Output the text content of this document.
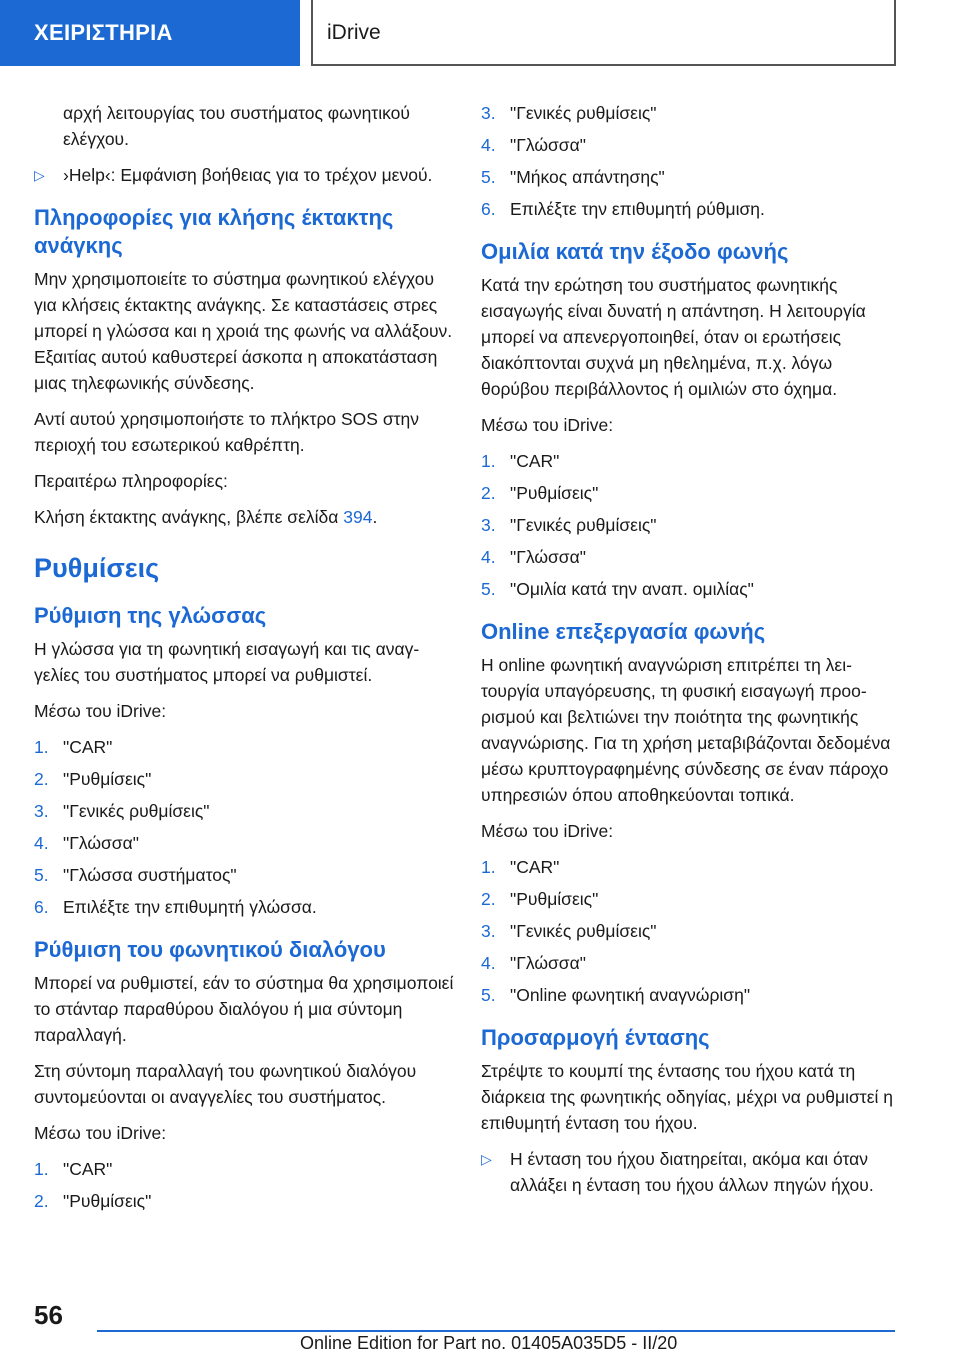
ΧΕΙΡΙΣΤΗΡΙΑ	iDrive

αρχή λειτουργίας του συστήματος φωνητικού ελέγχου.

▷ ›Help‹: Εμφάνιση βοήθειας για το τρέχον μενού.
Πληροφορίες για κλήσης έκτακτης ανάγκης

Μην χρησιμοποιείτε το σύστημα φωνητικού ελέγχου για κλήσεις έκτακτης ανάγκης. Σε καταστάσεις στρες μπορεί η γλώσσα και η χροιά της φωνής να αλλάξουν. Εξαιτίας αυτού καθυστερεί άσκοπα η αποκατάσταση μιας τηλεφωνικής σύνδεσης.

Αντί αυτού χρησιμοποιήστε το πλήκτρο SOS στην περιοχή του εσωτερικού καθρέπτη.

Περαιτέρω πληροφορίες:

Κλήση έκτακτης ανάγκης, βλέπε σελίδα 394.

Ρυθμίσεις
Ρύθμιση της γλώσσας

Η γλώσσα για τη φωνητική εισαγωγή και τις αναγγελίες του συστήματος μπορεί να ρυθμιστεί.

Μέσω του iDrive:

1. "CAR"
2. "Ρυθμίσεις"
3. "Γενικές ρυθμίσεις"
4. "Γλώσσα"
5. "Γλώσσα συστήματος"
6. Επιλέξτε την επιθυμητή γλώσσα.
Ρύθμιση του φωνητικού διαλόγου

Μπορεί να ρυθμιστεί, εάν το σύστημα θα χρησιμοποιεί το στάνταρ παραθύρου διαλόγου ή μια σύντομη παραλλαγή.

Στη σύντομη παραλλαγή του φωνητικού διαλόγου συντομεύονται οι αναγγελίες του συστήματος.

Μέσω του iDrive:

1. "CAR"
2. "Ρυθμίσεις"
3. "Γενικές ρυθμίσεις"
4. "Γλώσσα"
5. "Μήκος απάντησης"
6. Επιλέξτε την επιθυμητή ρύθμιση.
Ομιλία κατά την έξοδο φωνής

Κατά την ερώτηση του συστήματος φωνητικής εισαγωγής είναι δυνατή η απάντηση. Η λειτουργία μπορεί να απενεργοποιηθεί, όταν οι ερωτήσεις διακόπτονται συχνά μη ηθελημένα, π.χ. λόγω θορύβου περιβάλλοντος ή ομιλιών στο όχημα.

Μέσω του iDrive:

1. "CAR"
2. "Ρυθμίσεις"
3. "Γενικές ρυθμίσεις"
4. "Γλώσσα"
5. "Ομιλία κατά την αναπ. ομιλίας"
Online επεξεργασία φωνής

Η online φωνητική αναγνώριση επιτρέπει τη λειτουργία υπαγόρευσης, τη φυσική εισαγωγή προορισμού και βελτιώνει την ποιότητα της φωνητικής αναγνώρισης. Για τη χρήση μεταβιβάζονται δεδομένα μέσω κρυπτογραφημένης σύνδεσης σε έναν πάροχο υπηρεσιών όπου αποθηκεύονται τοπικά.

Μέσω του iDrive:

1. "CAR"
2. "Ρυθμίσεις"
3. "Γενικές ρυθμίσεις"
4. "Γλώσσα"
5. "Online φωνητική αναγνώριση"
Προσαρμογή έντασης

Στρέψτε το κουμπί της έντασης του ήχου κατά τη διάρκεια της φωνητικής οδηγίας, μέχρι να ρυθμιστεί η επιθυμητή ένταση του ήχου.

▷ Η ένταση του ήχου διατηρείται, ακόμα και όταν αλλάξει η ένταση του ήχου άλλων πηγών ήχου.
56
Online Edition for Part no. 01405A035D5 - II/20
